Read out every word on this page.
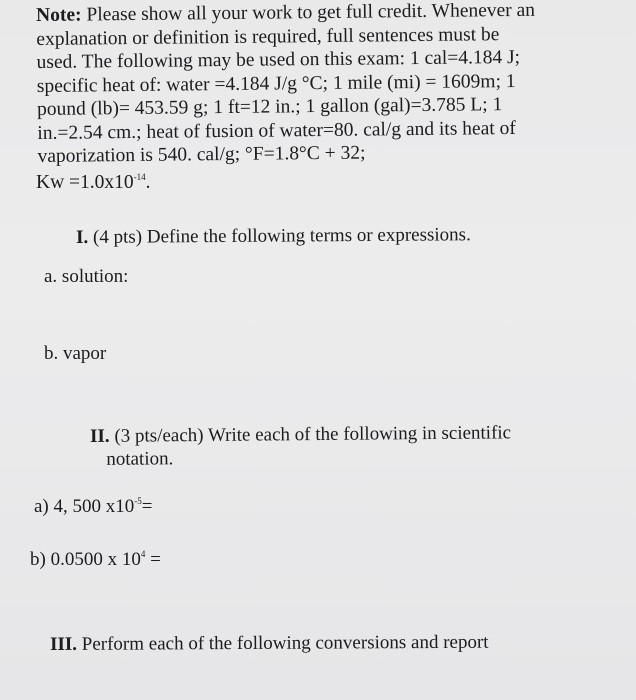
Note: Please show all your work to get full credit. Whenever an
explanation or definition is required, full sentences must be
used. The following may be used on this exam: 1 cal=4.184 J;
specific heat of: water =4.184 J/g °C; 1 mile (mi) = 1609m; 1
pound (lb)= 453.59 g; 1 ft=12 in.; 1 gallon (gal)=3.785 L; 1
in.=2.54 cm.; heat of fusion of water=80. cal/g and its heat of
vaporization is 540. cal/g; °F=1.8°C + 32;
$Kw =1.0x10^{-14}$.
I. (4 pts) Define the following terms or expressions.
a. solution:
b. vapor
II. (3 pts/each) Write each of the following in scientific
notation.
a) 4, 500 $x10^{-5}=$
b) 0.0500 x $10^4$ =
III. Perform each of the following conversions and report
